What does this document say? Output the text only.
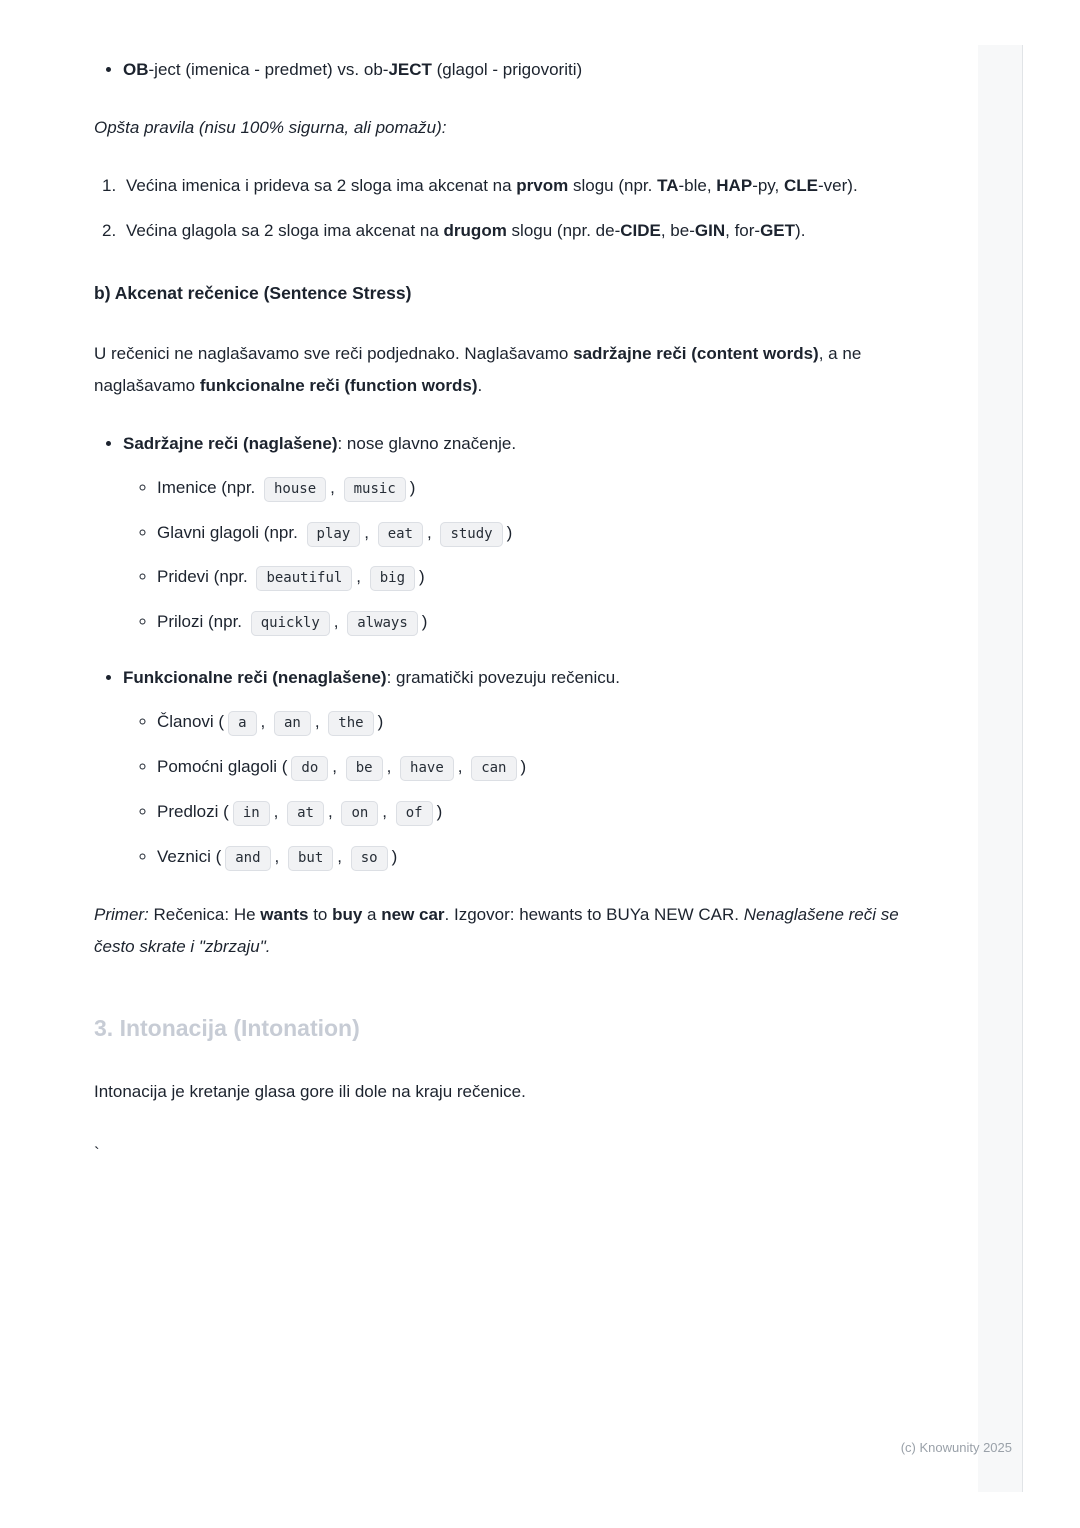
• OB-ject (imenica - predmet) vs. ob-JECT (glagol - prigovoriti)

Opšta pravila (nisu 100% sigurna, ali pomažu):

1. Većina imenica i prideva sa 2 sloga ima akcenat na prvom slogu (npr. TA-ble, HAP-py, CLE-ver).
2. Većina glagola sa 2 sloga ima akcenat na drugom slogu (npr. de-CIDE, be-GIN, for-GET).
b) Akcenat rečenice (Sentence Stress)

U rečenici ne naglašavamo sve reči podjednako. Naglašavamo sadržajne reči (content words), a ne naglašavamo funkcionalne reči (function words).

• Sadržajne reči (naglašene): nose glavno značenje.
◦ Imenice (npr. house , music )
◦ Glavni glagoli (npr. play , eat , study )
◦ Pridevi (npr. beautiful , big )
◦ Prilozi (npr. quickly , always )
• Funkcionalne reči (nenaglašene): gramatički povezuju rečenicu.
◦ Članovi ( a , an , the )
◦ Pomoćni glagoli ( do , be , have , can )
◦ Predlozi ( in , at , on , of )
◦ Veznici ( and , but , so )

Primer: Rečenica: He wants to buy a new car. Izgovor: hewants to BUYa NEW CAR. Nenaglašene reči se često skrate i "zbrzaju".

3. Intonacija (Intonation)

Intonacija je kretanje glasa gore ili dole na kraju rečenice.

`
(c) Knowunity 2025
